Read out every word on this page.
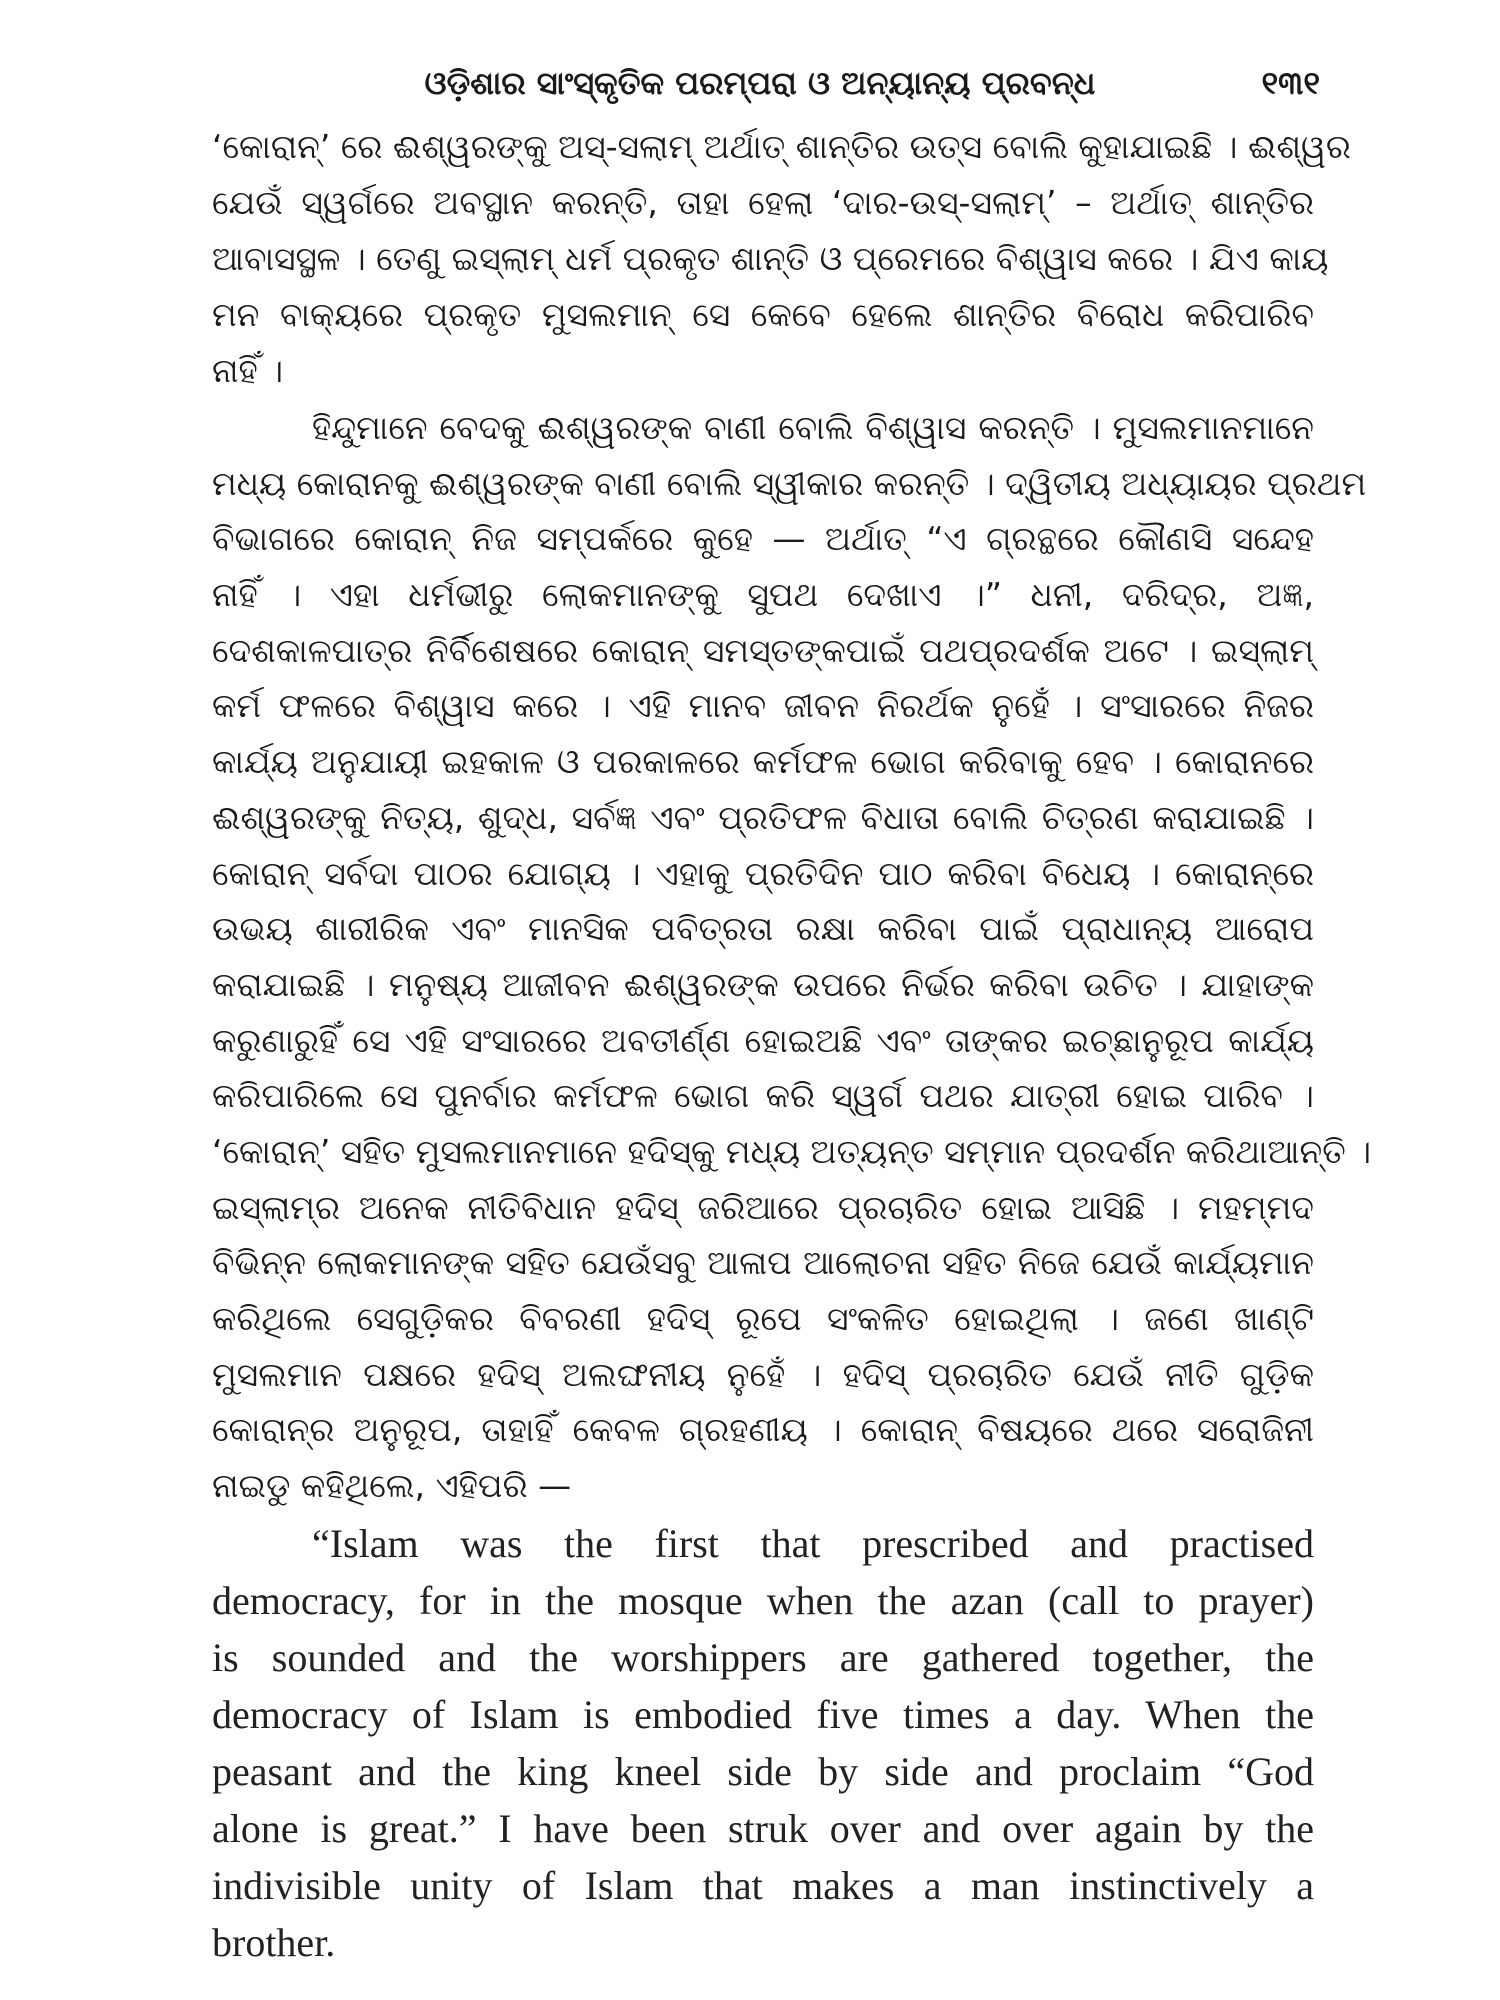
ଓଡ଼ିଶାର ସାଂସ୍କୃତିକ ପରମ୍ପରା ଓ ଅନ୍ୟାନ୍ୟ ପ୍ରବନ୍ଧ	୧୩୧
‘କୋରାନ୍’ ରେ ଈଶ୍ୱରଙ୍କୁ ଅସ୍-ସଲାମ୍ ଅର୍ଥାତ୍ ଶାନ୍ତିର ଉତ୍ସ ବୋଲି କୁହାଯାଇଛି । ଈଶ୍ୱର
ଯେଉଁ ସ୍ୱର୍ଗରେ ଅବସ୍ଥାନ କରନ୍ତି, ତାହା ହେଲା ‘ଦାର-ଉସ୍-ସଲାମ୍’ – ଅର୍ଥାତ୍ ଶାନ୍ତିର
ଆବାସସ୍ଥଳ । ତେଣୁ ଇସ୍‌ଲାମ୍ ଧର୍ମ ପ୍ରକୃତ ଶାନ୍ତି ଓ ପ୍ରେମରେ ବିଶ୍ୱାସ କରେ । ଯିଏ କାୟ
ମନ ବାକ୍ୟରେ ପ୍ରକୃତ ମୁସଲମାନ୍ ସେ କେବେ ହେଲେ ଶାନ୍ତିର ବିରୋଧ କରିପାରିବ
ନାହିଁ ।
ହିନ୍ଦୁମାନେ ବେଦକୁ ଈଶ୍ୱରଙ୍କ ବାଣୀ ବୋଲି ବିଶ୍ୱାସ କରନ୍ତି । ମୁସଲମାନମାନେ
ମଧ୍ୟ କୋରାନକୁ ଈଶ୍ୱରଙ୍କ ବାଣୀ ବୋଲି ସ୍ୱୀକାର କରନ୍ତି । ଦ୍ୱିତୀୟ ଅଧ୍ୟାୟର ପ୍ରଥମ
ବିଭାଗରେ କୋରାନ୍ ନିଜ ସମ୍ପର୍କରେ କୁହେ — ଅର୍ଥାତ୍ “ଏ ଗ୍ରନ୍ଥରେ କୌଣସି ସନ୍ଦେହ
ନାହିଁ । ଏହା ଧର୍ମଭୀରୁ ଲୋକମାନଙ୍କୁ ସୁପଥ ଦେଖାଏ ।” ଧନୀ, ଦରିଦ୍ର, ଅଜ୍ଞ,
ଦେଶକାଳପାତ୍ର ନିର୍ବିଶେଷରେ କୋରାନ୍ ସମସ୍ତଙ୍କପାଇଁ ପଥପ୍ରଦର୍ଶକ ଅଟେ । ଇସ୍‌ଲାମ୍
କର୍ମ ଫଳରେ ବିଶ୍ୱାସ କରେ । ଏହି ମାନବ ଜୀବନ ନିରର୍ଥକ ନୁହେଁ । ସଂସାରରେ ନିଜର
କାର୍ଯ୍ୟ ଅନୁଯାୟୀ ଇହକାଳ ଓ ପରକାଳରେ କର୍ମଫଳ ଭୋଗ କରିବାକୁ ହେବ । କୋରାନରେ
ଈଶ୍ୱରଙ୍କୁ ନିତ୍ୟ, ଶୁଦ୍ଧ, ସର୍ବଜ୍ଞ ଏବଂ ପ୍ରତିଫଳ ବିଧାତା ବୋଲି ଚିତ୍ରଣ କରାଯାଇଛି ।
କୋରାନ୍ ସର୍ବଦା ପାଠର ଯୋଗ୍ୟ । ଏହାକୁ ପ୍ରତିଦିନ ପାଠ କରିବା ବିଧେୟ । କୋରାନ୍‌ରେ
ଉଭୟ ଶାରୀରିକ ଏବଂ ମାନସିକ ପବିତ୍ରତା ରକ୍ଷା କରିବା ପାଇଁ ପ୍ରାଧାନ୍ୟ ଆରୋପ
କରାଯାଇଛି । ମନୁଷ୍ୟ ଆଜୀବନ ଈଶ୍ୱରଙ୍କ ଉପରେ ନିର୍ଭର କରିବା ଉଚିତ । ଯାହାଙ୍କ
କରୁଣାରୁହିଁ ସେ ଏହି ସଂସାରରେ ଅବତୀର୍ଣ୍ଣ ହୋଇଅଛି ଏବଂ ତାଙ୍କର ଇଚ୍ଛାନୁରୂପ କାର୍ଯ୍ୟ
କରିପାରିଲେ ସେ ପୁନର୍ବାର କର୍ମଫଳ ଭୋଗ କରି ସ୍ୱର୍ଗ ପଥର ଯାତ୍ରୀ ହୋଇ ପାରିବ ।
‘କୋରାନ୍’ ସହିତ ମୁସଲମାନମାନେ ହଦିସ୍‌କୁ ମଧ୍ୟ ଅତ୍ୟନ୍ତ ସମ୍ମାନ ପ୍ରଦର୍ଶନ କରିଥାଆନ୍ତି ।
ଇସ୍‌ଲାମ୍‌ର ଅନେକ ନୀତିବିଧାନ ହଦିସ୍ ଜରିଆରେ ପ୍ରଚାରିତ ହୋଇ ଆସିଛି । ମହମ୍ମଦ
ବିଭିନ୍ନ ଲୋକମାନଙ୍କ ସହିତ ଯେଉଁସବୁ ଆଳାପ ଆଲୋଚନା ସହିତ ନିଜେ ଯେଉଁ କାର୍ଯ୍ୟମାନ
କରିଥିଲେ ସେଗୁଡ଼ିକର ବିବରଣୀ ହଦିସ୍ ରୂପେ ସଂକଳିତ ହୋଇଥିଲା । ଜଣେ ଖାଣ୍ଟି
ମୁସଲମାନ ପକ୍ଷରେ ହଦିସ୍ ଅଲଙ୍ଘନୀୟ ନୁହେଁ । ହଦିସ୍ ପ୍ରଚାରିତ ଯେଉଁ ନୀତି ଗୁଡ଼ିକ
କୋରାନ୍‌ର ଅନୁରୂପ, ତାହାହିଁ କେବଳ ଗ୍ରହଣୀୟ । କୋରାନ୍ ବିଷୟରେ ଥରେ ସରୋଜିନୀ
ନାଇଡୁ କହିଥିଲେ, ଏହିପରି —
“Islam was the first that prescribed and practised
democracy, for in the mosque when the azan (call to prayer)
is sounded and the worshippers are gathered together, the
democracy of Islam is embodied five times a day. When the
peasant and the king kneel side by side and proclaim “God
alone is great.” I have been struk over and over again by the
indivisible unity of Islam that makes a man instinctively a
brother.
